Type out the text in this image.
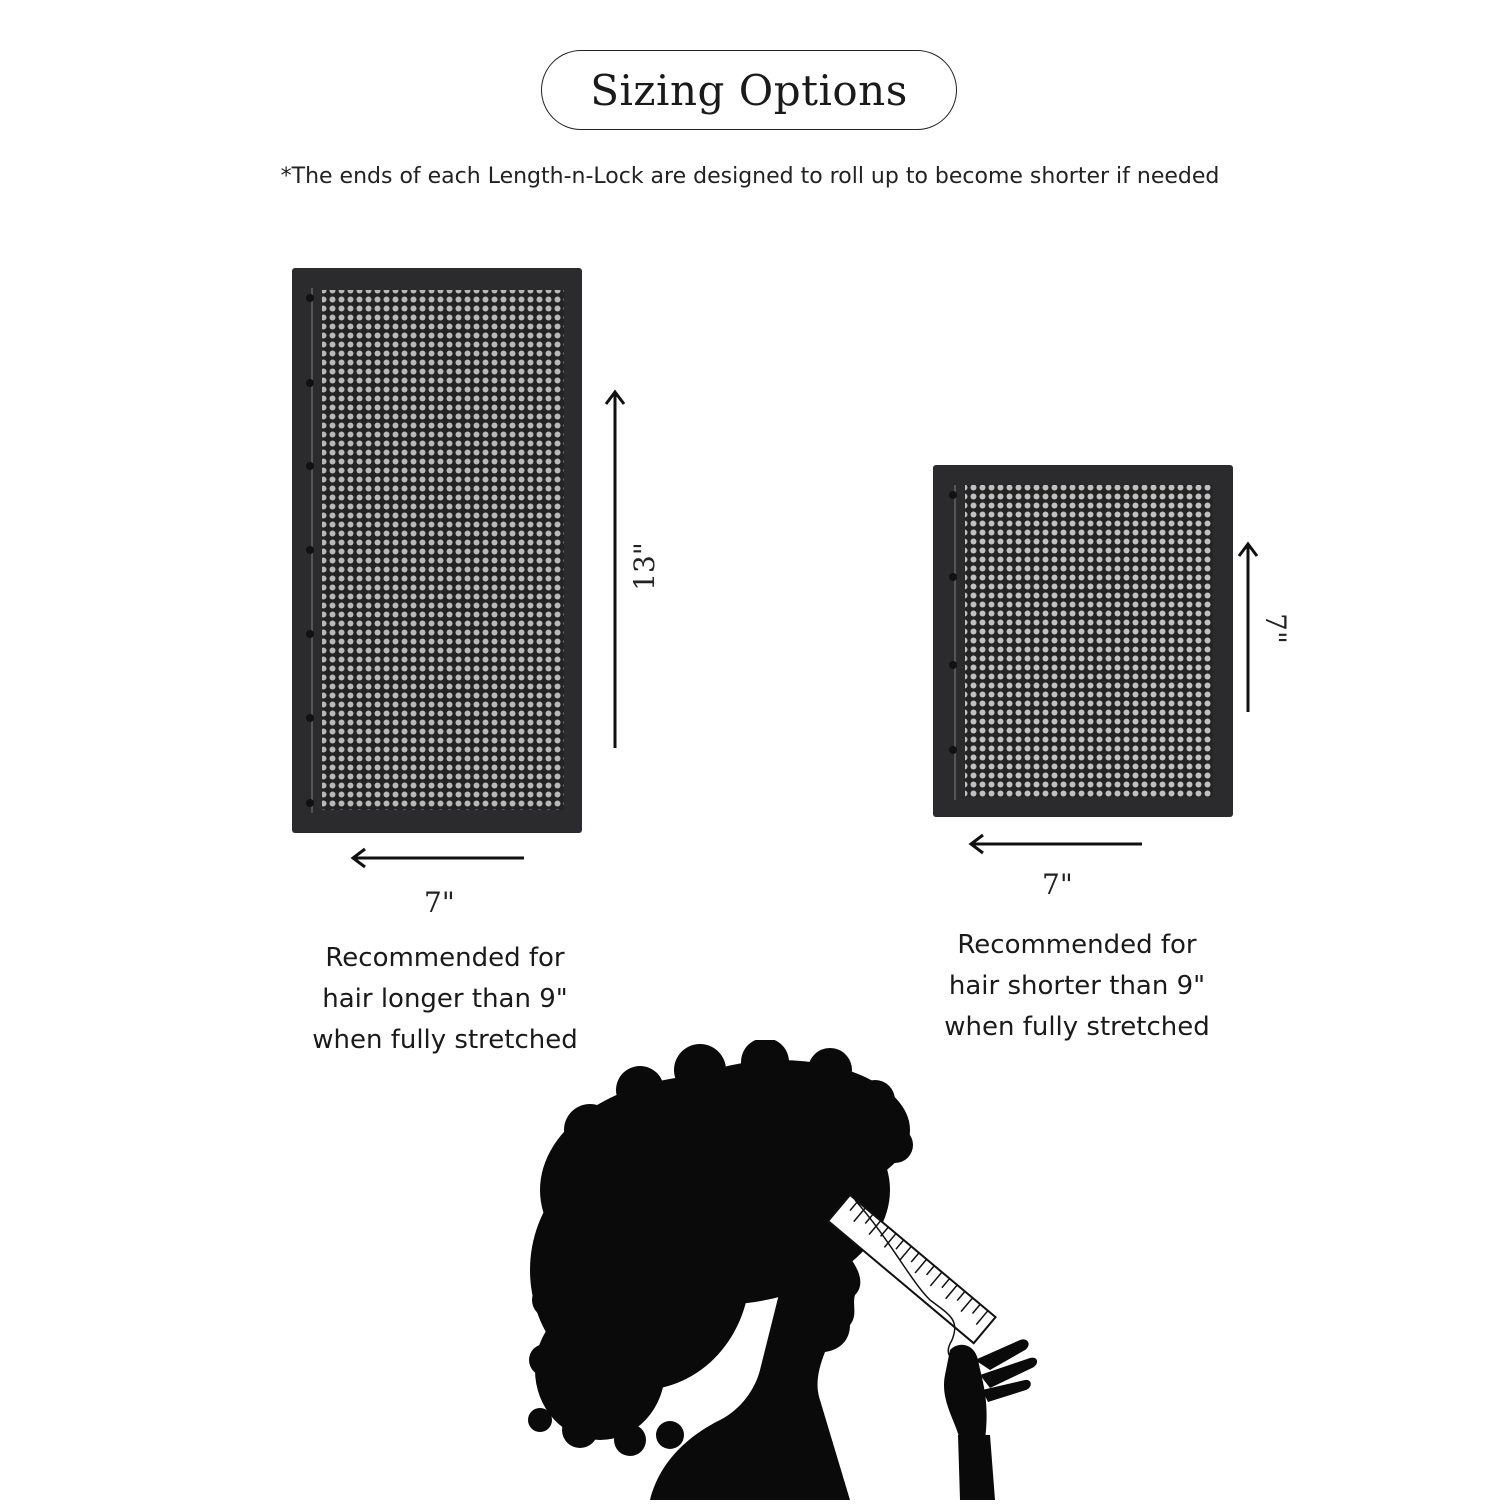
Sizing Options
*The ends of each Length-n-Lock are designed to roll up to become shorter if needed
13"
7"
Recommended for
hair longer than 9"
when fully stretched
7"
7"
Recommended for
hair shorter than 9"
when fully stretched
